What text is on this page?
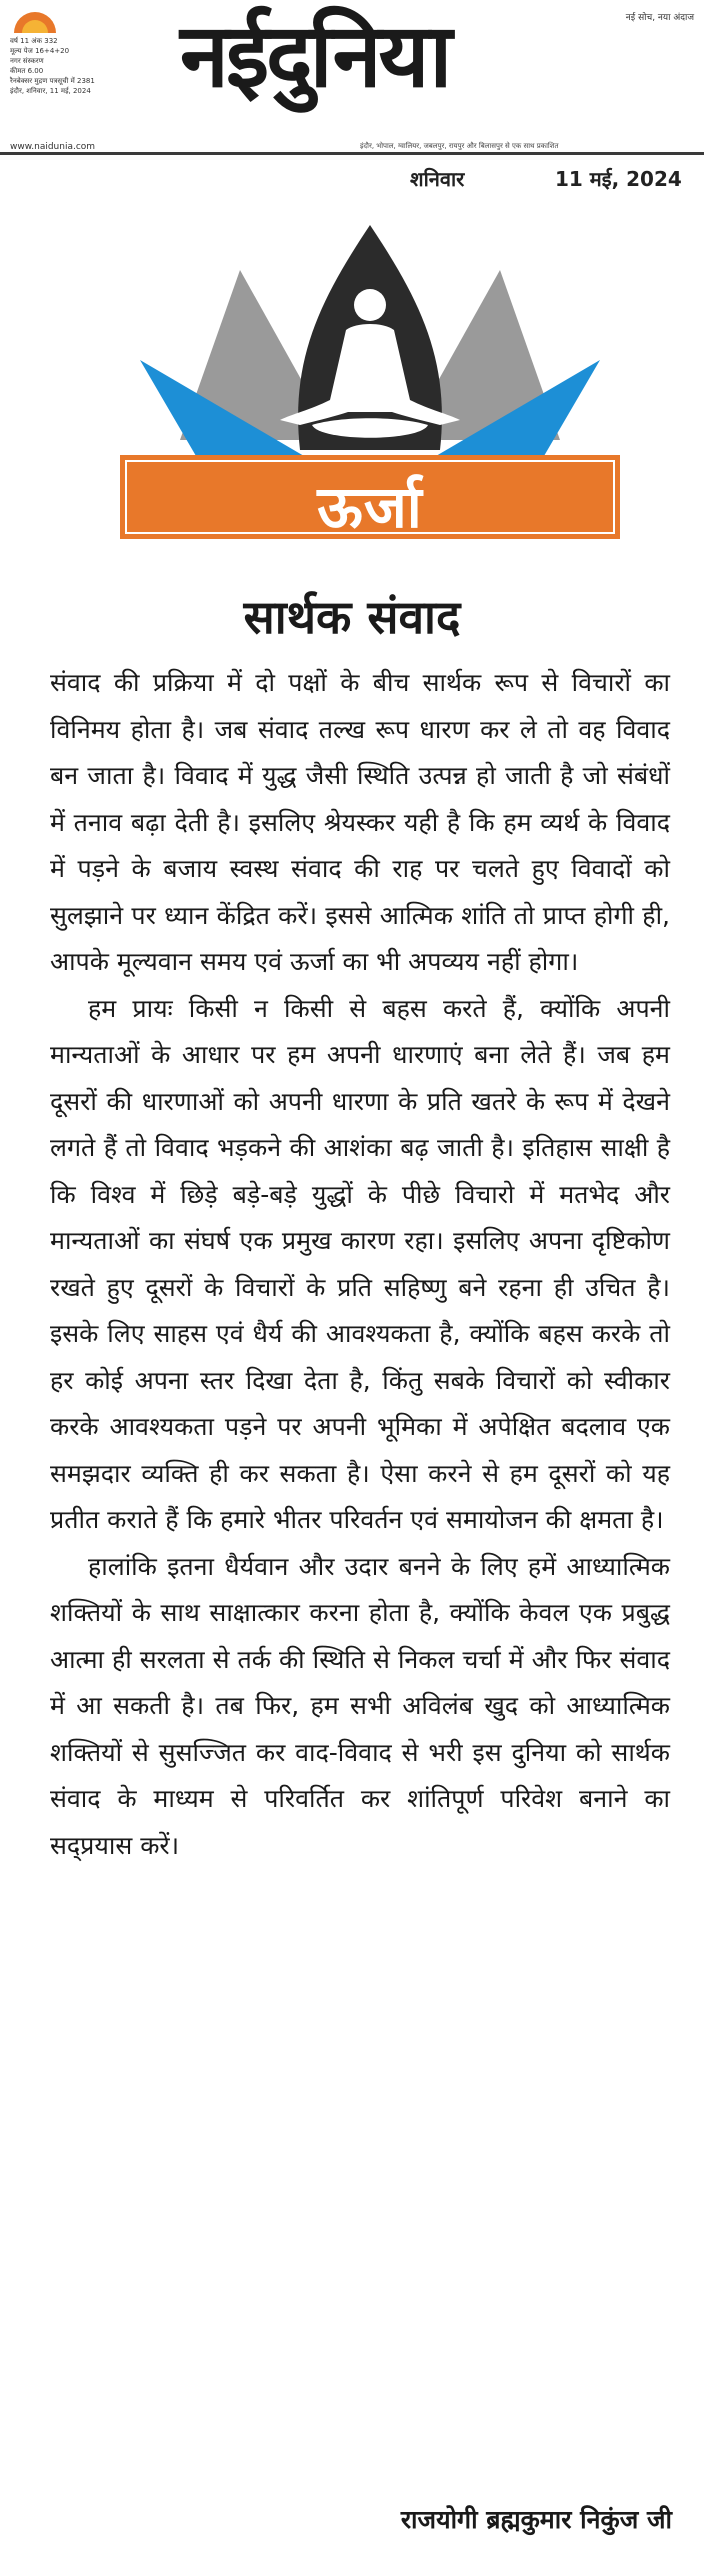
वर्ष 11 अंक 332
मूल्य पेज 16+4+20
नगर संस्करण
कीमत 6.00
रैनबेक्सर मुद्रण पत्रसूची में 2381
इंदौर, शनिवार, 11 मई, 2024	नईदुनिया	नई सोच, नया अंदाज
www.naidunia.com	इंदौर, भोपाल, ग्वालियर, जबलपुर, रायपुर और बिलासपुर से एक साथ प्रकाशित
शनिवार	11 मई, 2024
ऊर्जा
सार्थक संवाद

संवाद की प्रक्रिया में दो पक्षों के बीच सार्थक रूप से विचारों का विनिमय होता है। जब संवाद तल्ख रूप धारण कर ले तो वह विवाद बन जाता है। विवाद में युद्ध जैसी स्थिति उत्पन्न हो जाती है जो संबंधों में तनाव बढ़ा देती है। इसलिए श्रेयस्कर यही है कि हम व्यर्थ के विवाद में पड़ने के बजाय स्वस्थ संवाद की राह पर चलते हुए विवादों को सुलझाने पर ध्यान केंद्रित करें। इससे आत्मिक शांति तो प्राप्त होगी ही, आपके मूल्यवान समय एवं ऊर्जा का भी अपव्यय नहीं होगा।

हम प्रायः किसी न किसी से बहस करते हैं, क्योंकि अपनी मान्यताओं के आधार पर हम अपनी धारणाएं बना लेते हैं। जब हम दूसरों की धारणाओं को अपनी धारणा के प्रति खतरे के रूप में देखने लगते हैं तो विवाद भड़कने की आशंका बढ़ जाती है। इतिहास साक्षी है कि विश्व में छिड़े बड़े-बड़े युद्धों के पीछे विचारो में मतभेद और मान्यताओं का संघर्ष एक प्रमुख कारण रहा। इसलिए अपना दृष्टिकोण रखते हुए दूसरों के विचारों के प्रति सहिष्णु बने रहना ही उचित है। इसके लिए साहस एवं धैर्य की आवश्यकता है, क्योंकि बहस करके तो हर कोई अपना स्तर दिखा देता है, किंतु सबके विचारों को स्वीकार करके आवश्यकता पड़ने पर अपनी भूमिका में अपेक्षित बदलाव एक समझदार व्यक्ति ही कर सकता है। ऐसा करने से हम दूसरों को यह प्रतीत कराते हैं कि हमारे भीतर परिवर्तन एवं समायोजन की क्षमता है।

हालांकि इतना धैर्यवान और उदार बनने के लिए हमें आध्यात्मिक शक्तियों के साथ साक्षात्कार करना होता है, क्योंकि केवल एक प्रबुद्ध आत्मा ही सरलता से तर्क की स्थिति से निकल चर्चा में और फिर संवाद में आ सकती है। तब फिर, हम सभी अविलंब खुद को आध्यात्मिक शक्तियों से सुसज्जित कर वाद-विवाद से भरी इस दुनिया को सार्थक संवाद के माध्यम से परिवर्तित कर शांतिपूर्ण परिवेश बनाने का सद्प्रयास करें।

राजयोगी ब्रह्मकुमार निकुंज जी
